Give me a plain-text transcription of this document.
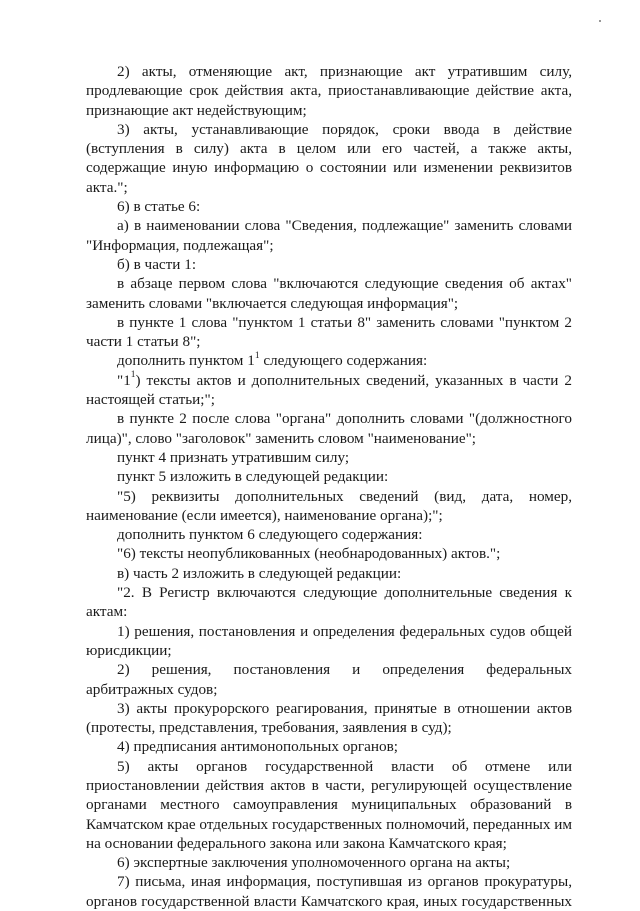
2) акты, отменяющие акт, признающие акт утратившим силу, продлевающие срок действия акта, приостанавливающие действие акта, признающие акт недействующим;

3) акты, устанавливающие порядок, сроки ввода в действие (вступления в силу) акта в целом или его частей, а также акты, содержащие иную информацию о состоянии или изменении реквизитов акта.";

6) в статье 6:

а) в наименовании слова "Сведения, подлежащие" заменить словами "Информация, подлежащая";

б) в части 1:

в абзаце первом слова "включаются следующие сведения об актах" заменить словами "включается следующая информация";

в пункте 1 слова "пунктом 1 статьи 8" заменить словами "пунктом 2 части 1 статьи 8";

дополнить пунктом $1^1$ следующего содержания:

"$1^1$) тексты актов и дополнительных сведений, указанных в части 2 настоящей статьи;";

в пункте 2 после слова "органа" дополнить словами "(должностного лица)", слово "заголовок" заменить словом "наименование";

пункт 4 признать утратившим силу;

пункт 5 изложить в следующей редакции:

"5) реквизиты дополнительных сведений (вид, дата, номер, наименование (если имеется), наименование органа);";

дополнить пунктом 6 следующего содержания:

"6) тексты неопубликованных (необнародованных) актов.";

в) часть 2 изложить в следующей редакции:

"2. В Регистр включаются следующие дополнительные сведения к актам:

1) решения, постановления и определения федеральных судов общей юрисдикции;

2) решения, постановления и определения федеральных арбитражных судов;

3) акты прокурорского реагирования, принятые в отношении актов (протесты, представления, требования, заявления в суд);

4) предписания антимонопольных органов;

5) акты органов государственной власти об отмене или приостановлении действия актов в части, регулирующей осуществление органами местного самоуправления муниципальных образований в Камчатском крае отдельных государственных полномочий, переданных им на основании федерального закона или закона Камчатского края;

6) экспертные заключения уполномоченного органа на акты;

7) письма, иная информация, поступившая из органов прокуратуры, органов государственной власти Камчатского края, иных государственных
